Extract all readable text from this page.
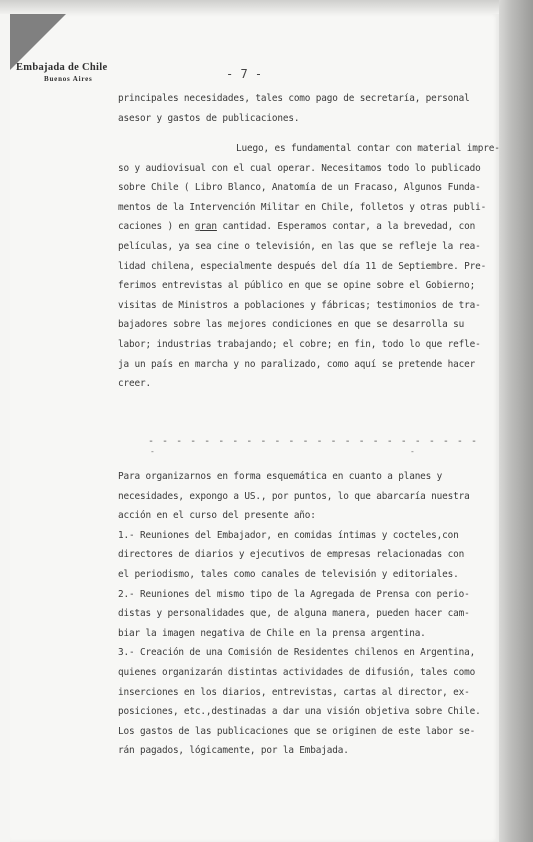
Embajada de Chile
Buenos Aires	- 7 -
principales necesidades, tales como pago de secretaría, personal
asesor y gastos de publicaciones.
Luego, es fundamental contar con material impre-
so y audiovisual con el cual operar. Necesitamos todo lo publicado
sobre Chile ( Libro Blanco, Anatomía de un Fracaso, Algunos Funda-
mentos de la Intervención Militar en Chile, folletos y otras publi-
caciones ) en gran cantidad. Esperamos contar, a la brevedad, con
películas, ya sea cine o televisión, en las que se refleje la rea-
lidad chilena, especialmente después del día 11 de Septiembre. Pre-
ferimos entrevistas al público en que se opine sobre el Gobierno;
visitas de Ministros a poblaciones y fábricas; testimonios de tra-
bajadores sobre las mejores condiciones en que se desarrolla su
labor; industrias trabajando; el cobre; en fin, todo lo que refle-
ja un país en marcha y no paralizado, como aquí se pretende hacer
creer.
- - - - - - - - - - - - - - - - - - - - - - - -
-	-
Para organizarnos en forma esquemática en cuanto a planes y
necesidades, expongo a US., por puntos, lo que abarcaría nuestra
acción en el curso del presente año:
1.- Reuniones del Embajador, en comidas íntimas y cocteles,con
directores de diarios y ejecutivos de empresas relacionadas con
el periodismo, tales como canales de televisión y editoriales.
2.- Reuniones del mismo tipo de la Agregada de Prensa con perio-
distas y personalidades que, de alguna manera, pueden hacer cam-
biar la imagen negativa de Chile en la prensa argentina.
3.- Creación de una Comisión de Residentes chilenos en Argentina,
quienes organizarán distintas actividades de difusión, tales como
inserciones en los diarios, entrevistas, cartas al director, ex-
posiciones, etc.,destinadas a dar una visión objetiva sobre Chile.
Los gastos de las publicaciones que se originen de este labor se-
rán pagados, lógicamente, por la Embajada.
